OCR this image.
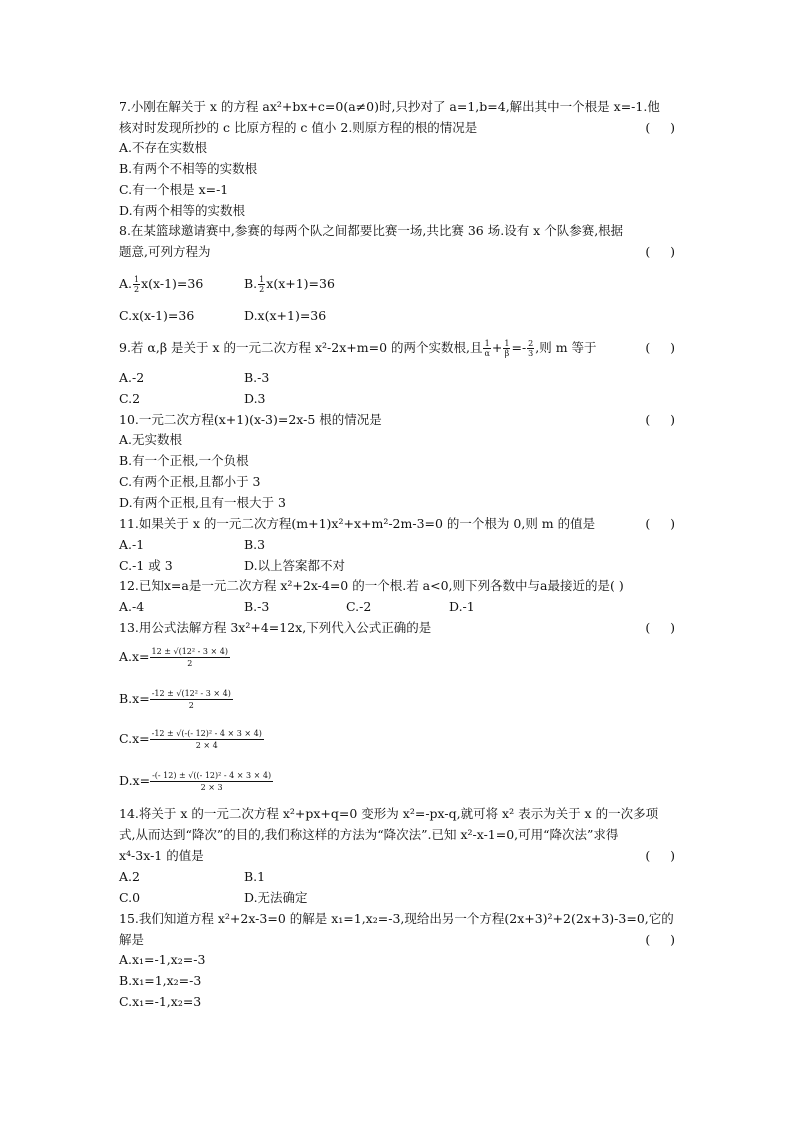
7.小刚在解关于 x 的方程 ax²+bx+c=0(a≠0)时,只抄对了 a=1,b=4,解出其中一个根是 x=-1.他
核对时发现所抄的 c 比原方程的 c 值小 2.则原方程的根的情况是	(     )
A.不存在实数根
B.有两个不相等的实数根
C.有一个根是 x=-1
D.有两个相等的实数根
8.在某篮球邀请赛中,参赛的每两个队之间都要比赛一场,共比赛 36 场.设有 x 个队参赛,根据
题意,可列方程为	(     )
A. $\frac{1}{2} x(x-1)=36$	B. $\frac{1}{2} x(x+1)=36$
C.x(x-1)=36	D.x(x+1)=36
9.若 α,β 是关于 x 的一元二次方程 x²-2x+m=0 的两个实数根,且 $\frac{1}{\alpha} + \frac{1}{\beta} =- \frac{2}{3}$ ,则 m 等于	(     )
A.-2	B.-3
C.2	D.3
10.一元二次方程(x+1)(x-3)=2x-5 根的情况是	(     )
A.无实数根
B.有一个正根,一个负根
C.有两个正根,且都小于 3
D.有两个正根,且有一根大于 3
11.如果关于 x 的一元二次方程(m+1)x²+x+m²-2m-3=0 的一个根为 0,则 m 的值是	(     )
A.-1	B.3
C.-1 或 3	D.以上答案都不对
12.已知x=a是一元二次方程 x²+2x-4=0 的一个根.若 a<0,则下列各数中与a最接近的是( )
A.-4	B.-3	C.-2	D.-1
13.用公式法解方程 3x²+4=12x,下列代入公式正确的是	(     )
$A.x= \frac{\text{12 ± √(12² - 3 × 4)}}{2}$
$B.x= \frac{\text{-12 ± √(12² - 3 × 4)}}{2}$
$C.x= \frac{\text{-12 ± √(-(- 12)² - 4 × 3 × 4)}}{2 \times 4}$
$D.x= \frac{\text{-(- 12) ± √((- 12)² - 4 × 3 × 4)}}{2 \times 3}$
14.将关于 x 的一元二次方程 x²+px+q=0 变形为 x²=-px-q,就可将 x² 表示为关于 x 的一次多项
式,从而达到“降次”的目的,我们称这样的方法为“降次法”.已知 x²-x-1=0,可用“降次法”求得
x⁴-3x-1 的值是	(     )
A.2	B.1
C.0	D.无法确定
15.我们知道方程 x²+2x-3=0 的解是 x₁=1,x₂=-3,现给出另一个方程(2x+3)²+2(2x+3)-3=0,它的
解是	(     )
A.x₁=-1,x₂=-3
B.x₁=1,x₂=-3
C.x₁=-1,x₂=3
